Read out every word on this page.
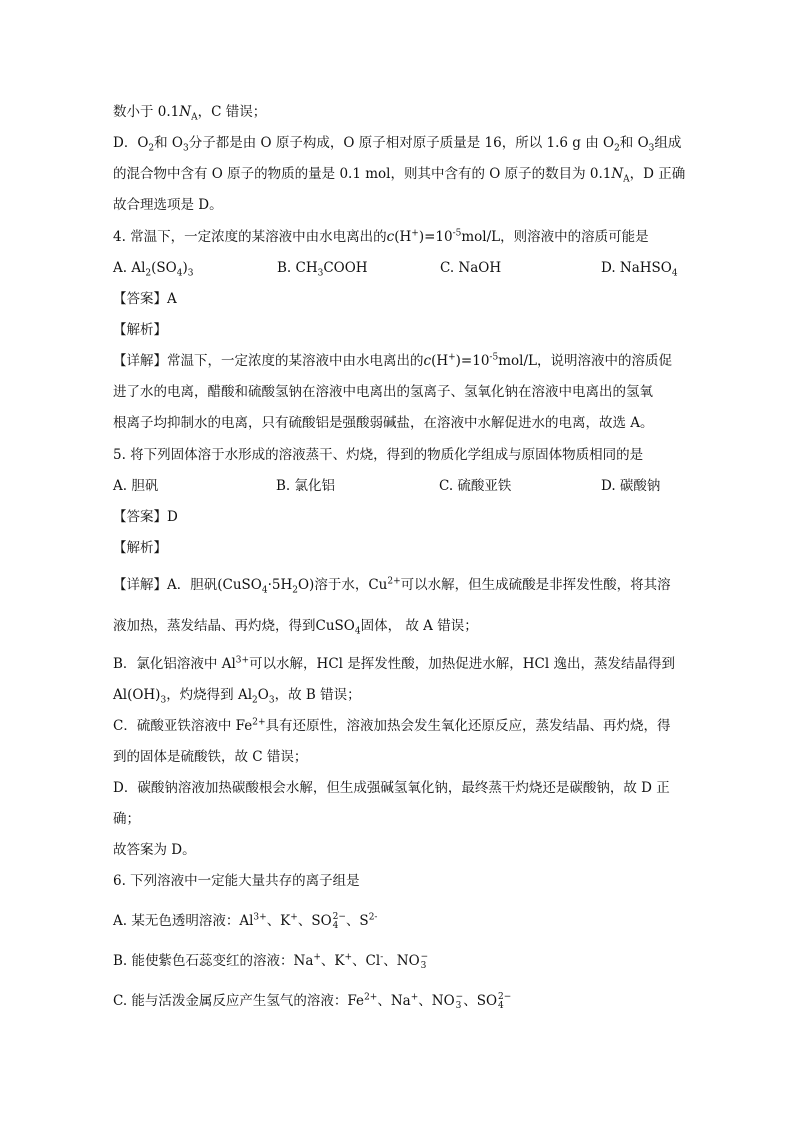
数小于 $0.1N_A$，C 错误；
D．$O_2$和 $O_3$分子都是由 O 原子构成，O 原子相对原子质量是 16，所以 1.6 g 由 $O_2$和 $O_3$组成
的混合物中含有 O 原子的物质的量是 0.1 mol，则其中含有的 O 原子的数目为 $0.1N_A$，D 正确
故合理选项是 D。
4. 常温下，一定浓度的某溶液中由水电离出的$c(H^+)=10^{-5}mol/L$，则溶液中的溶质可能是
A. $Al_2(SO_4)_3$	B. $CH_3COOH$	C. NaOH	D. NaHSO$_4$
【答案】A
【解析】
【详解】常温下，一定浓度的某溶液中由水电离出的$c(H^+)=10^{-5}mol/L$，说明溶液中的溶质促
进了水的电离，醋酸和硫酸氢钠在溶液中电离出的氢离子、氢氧化钠在溶液中电离出的氢氧
根离子均抑制水的电离，只有硫酸铝是强酸弱碱盐，在溶液中水解促进水的电离，故选 A。
5. 将下列固体溶于水形成的溶液蒸干、灼烧，得到的物质化学组成与原固体物质相同的是
A. 胆矾	B. 氯化铝	C. 硫酸亚铁	D. 碳酸钠
【答案】D
【解析】
【详解】A．胆矾$(CuSO_4\cdot 5H_2O)$溶于水，$Cu^{2+}$可以水解，但生成硫酸是非挥发性酸，将其溶
液加热，蒸发结晶、再灼烧，得到CuSO$_4$固体， 故 A 错误；
B．氯化铝溶液中 $Al^{3+}$可以水解，HCl 是挥发性酸，加热促进水解，HCl 逸出，蒸发结晶得到
$Al(OH)_3$，灼烧得到 $Al_2O_3$，故 B 错误；
C．硫酸亚铁溶液中 $Fe^{2+}$具有还原性，溶液加热会发生氧化还原反应，蒸发结晶、再灼烧，得
到的固体是硫酸铁，故 C 错误；
D．碳酸钠溶液加热碳酸根会水解，但生成强碱氢氧化钠，最终蒸干灼烧还是碳酸钠，故 D 正
确；
故答案为 D。
6. 下列溶液中一定能大量共存的离子组是
A. 某无色透明溶液：$Al^{3+}$、K+、SO 2−
4 、$S^{2-}$
B. 能使紫色石蕊变红的溶液：Na+、K+、Cl-、NO −
3
C. 能与活泼金属反应产生氢气的溶液：$Fe^{2+}$、Na+、NO −
3 、SO 2−
4
